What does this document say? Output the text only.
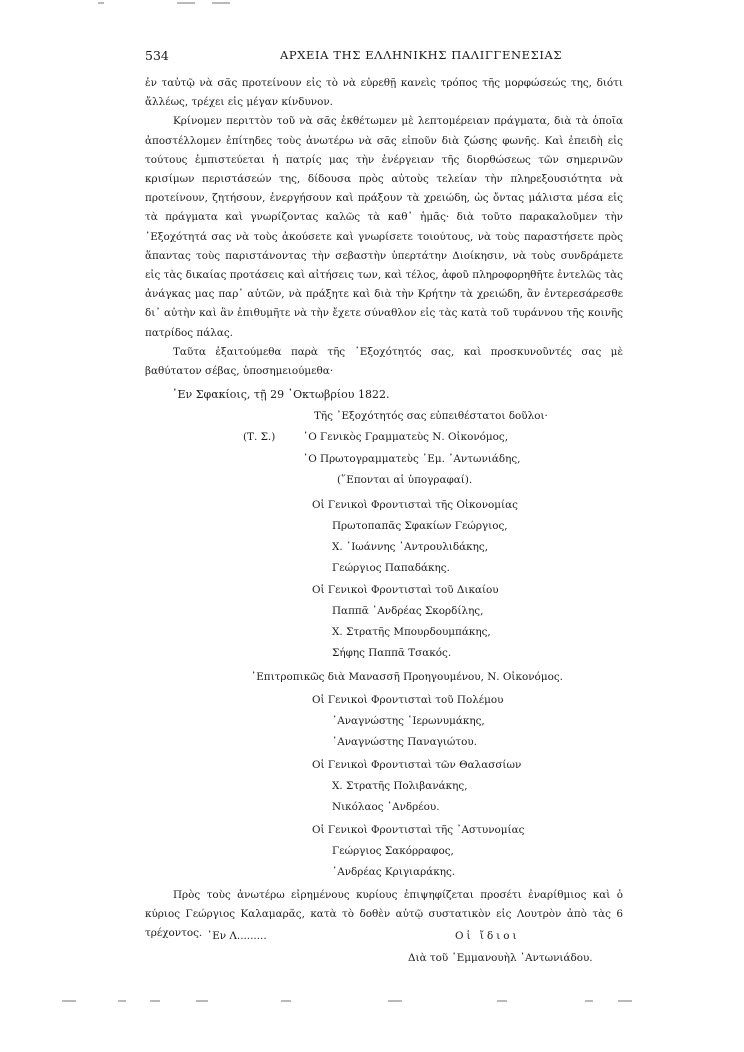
534	ΑΡΧΕΙΑ ΤΗΣ ΕΛΛΗΝΙΚΗΣ ΠΑΛΙΓΓΕΝΕΣΙΑΣ

ἐν ταὐτῷ νὰ σᾶς προτείνουν εἰς τὸ νὰ εὑρεθῇ κανεὶς τρόπος τῆς μορφώσεώς της, διότι ἄλλέως, τρέχει εἰς μέγαν κίνδυνον.

Κρίνομεν περιττὸν τοῦ νὰ σᾶς ἐκθέτωμεν μὲ λεπτομέρειαν πράγματα, διὰ τὰ ὁποῖα ἀποστέλλομεν ἐπίτηδες τοὺς ἀνωτέρω νὰ σᾶς εἰποῦν διὰ ζώσης φωνῆς. Καὶ ἐπειδὴ εἰς τούτους ἐμπιστεύεται ἡ πατρίς μας τὴν ἐνέργειαν τῆς διορθώσεως τῶν σημερινῶν κρισίμων περιστάσεών της, δίδουσα πρὸς αὐτοὺς τελείαν τὴν πληρεξουσιότητα νὰ προτείνουν, ζητήσουν, ἐνεργήσουν καὶ πράξουν τὰ χρειώδη, ὡς ὄντας μάλιστα μέσα εἰς τὰ πράγματα καὶ γνωρίζοντας καλῶς τὰ καθ᾽ ἡμᾶς· διὰ τοῦτο παρακαλοῦμεν τὴν ᾽Εξοχότητά σας νὰ τοὺς ἀκούσετε καὶ γνωρίσετε τοιούτους, νὰ τοὺς παραστήσετε πρὸς ἅπαντας τοὺς παριστάνοντας τὴν σεβαστὴν ὑπερτάτην Διοίκησιν, νὰ τοὺς συνδράμετε εἰς τὰς δικαίας προτάσεις καὶ αἰτήσεις των, καὶ τέλος, ἀφοῦ πληροφορηθῆτε ἐντελῶς τὰς ἀνάγκας μας παρ᾽ αὐτῶν, νὰ πράξητε καὶ διὰ τὴν Κρήτην τὰ χρειώδη, ἂν ἐντερεσάρεσθε δι᾽ αὐτὴν καὶ ἂν ἐπιθυμῆτε νὰ τὴν ἔχετε σύναθλον εἰς τὰς κατὰ τοῦ τυράννου τῆς κοινῆς πατρίδος πάλας.

Ταῦτα ἐξαιτούμεθα παρὰ τῆς ᾽Εξοχότητός σας, καὶ προσκυνοῦντές σας μὲ βαθύτατον σέβας, ὑποσημειούμεθα·

᾽Εν Σφακίοις, τῇ 29 ᾽Οκτωβρίου 1822.
Τῆς ᾽Εξοχότητός σας εὐπειθέστατοι δοῦλοι·
(Τ. Σ.)	῾Ο Γενικὸς Γραμματεὺς Ν. Οἰκονόμος,
῾Ο Πρωτογραμματεὺς ᾽Εμ. ᾽Αντωνιάδης,
(῞Επονται αἱ ὑπογραφαί).
Οἱ Γενικοὶ Φροντισταὶ τῆς Οἰκονομίας
Πρωτοπαπᾶς Σφακίων Γεώργιος,
Χ. ᾽Ιωάννης ᾽Αντρουλιδάκης,
Γεώργιος Παπαδάκης.
Οἱ Γενικοὶ Φροντισταὶ τοῦ Δικαίου
Παππᾶ ᾽Ανδρέας Σκορδίλης,
Χ. Στρατῆς Μπουρδουμπάκης,
Σήφης Παππᾶ Τσακός.
᾽Επιτροπικῶς διὰ Μανασσῆ Προηγουμένου, Ν. Οἰκονόμος.
Οἱ Γενικοὶ Φροντισταὶ τοῦ Πολέμου
᾽Αναγνώστης ῾Ιερωνυμάκης,
᾽Αναγνώστης Παναγιώτου.
Οἱ Γενικοὶ Φροντισταὶ τῶν Θαλασσίων
Χ. Στρατῆς Πολιβανάκης,
Νικόλαος ᾽Ανδρέου.
Οἱ Γενικοὶ Φροντισταὶ τῆς ᾽Αστυνομίας
Γεώργιος Σακόρραφος,
᾽Ανδρέας Κριγιαράκης.

Πρὸς τοὺς ἀνωτέρω εἰρημένους κυρίους ἐπιψηφίζεται προσέτι ἐναρίθμιος καὶ ὁ κύριος Γεώργιος Καλαμαρᾶς, κατὰ τὸ δοθὲν αὐτῷ συστατικὸν εἰς Λουτρὸν ἀπὸ τὰς 6 τρέχοντος. ᾽Εν Λ.........	Οἱ ἴδιοι
Διὰ τοῦ ᾽Εμμανουὴλ ᾽Αντωνιάδου.
